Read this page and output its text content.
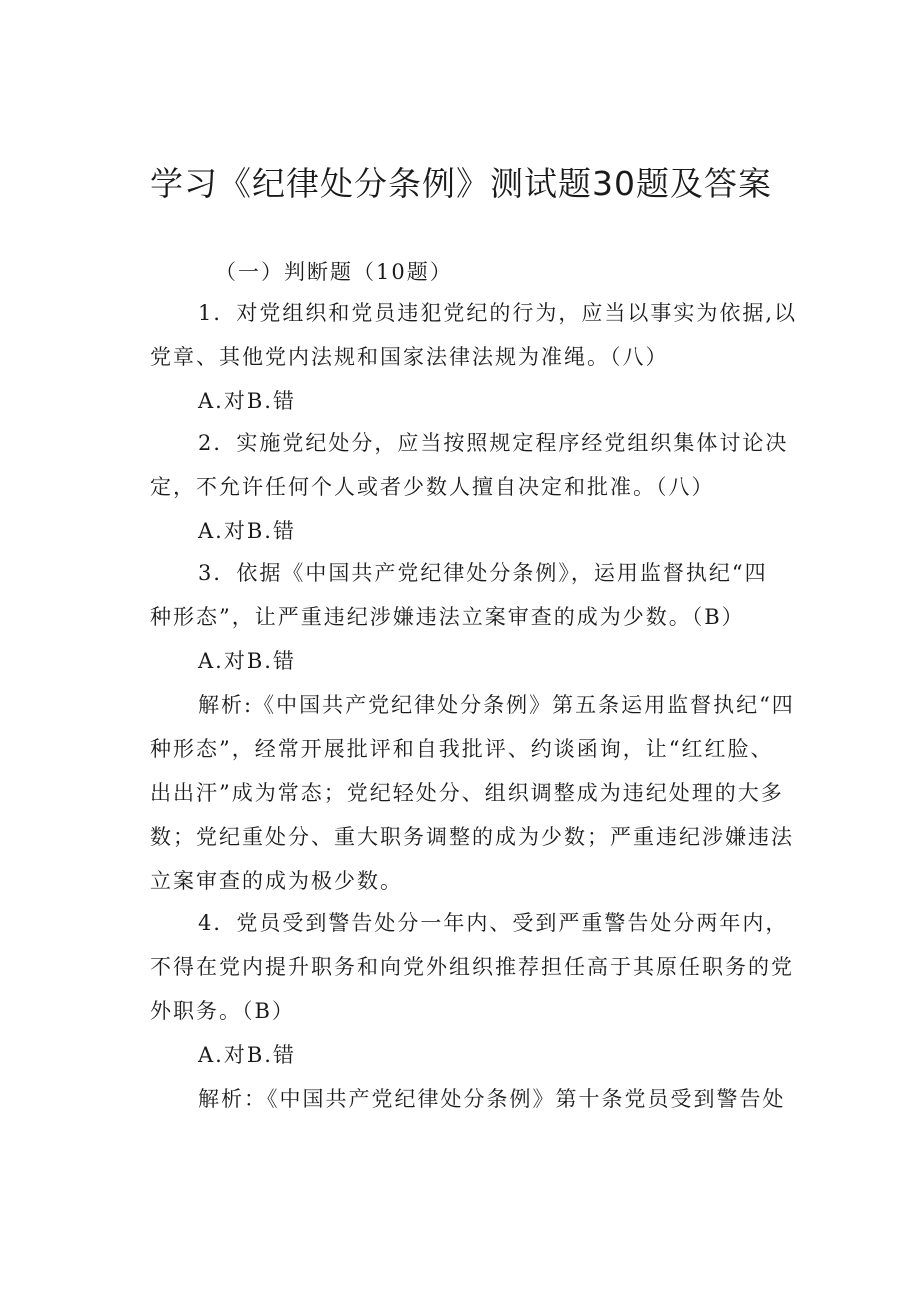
学习《纪律处分条例》测试题30题及答案
（一）判断题（10题）
1．对党组织和党员违犯党纪的行为，应当以事实为依据,以
党章、其他党内法规和国家法律法规为准绳。（八）
A.对B.错
2．实施党纪处分，应当按照规定程序经党组织集体讨论决
定，不允许任何个人或者少数人擅自决定和批准。（八）
A.对B.错
3．依据《中国共产党纪律处分条例》，运用监督执纪“四
种形态”，让严重违纪涉嫌违法立案审查的成为少数。（B）
A.对B.错
解析:《中国共产党纪律处分条例》第五条运用监督执纪“四
种形态”，经常开展批评和自我批评、约谈函询，让“红红脸、
出出汗”成为常态；党纪轻处分、组织调整成为违纪处理的大多
数；党纪重处分、重大职务调整的成为少数；严重违纪涉嫌违法
立案审查的成为极少数。
4．党员受到警告处分一年内、受到严重警告处分两年内，
不得在党内提升职务和向党外组织推荐担任高于其原任职务的党
外职务。（B）
A.对B.错
解析：《中国共产党纪律处分条例》第十条党员受到警告处
